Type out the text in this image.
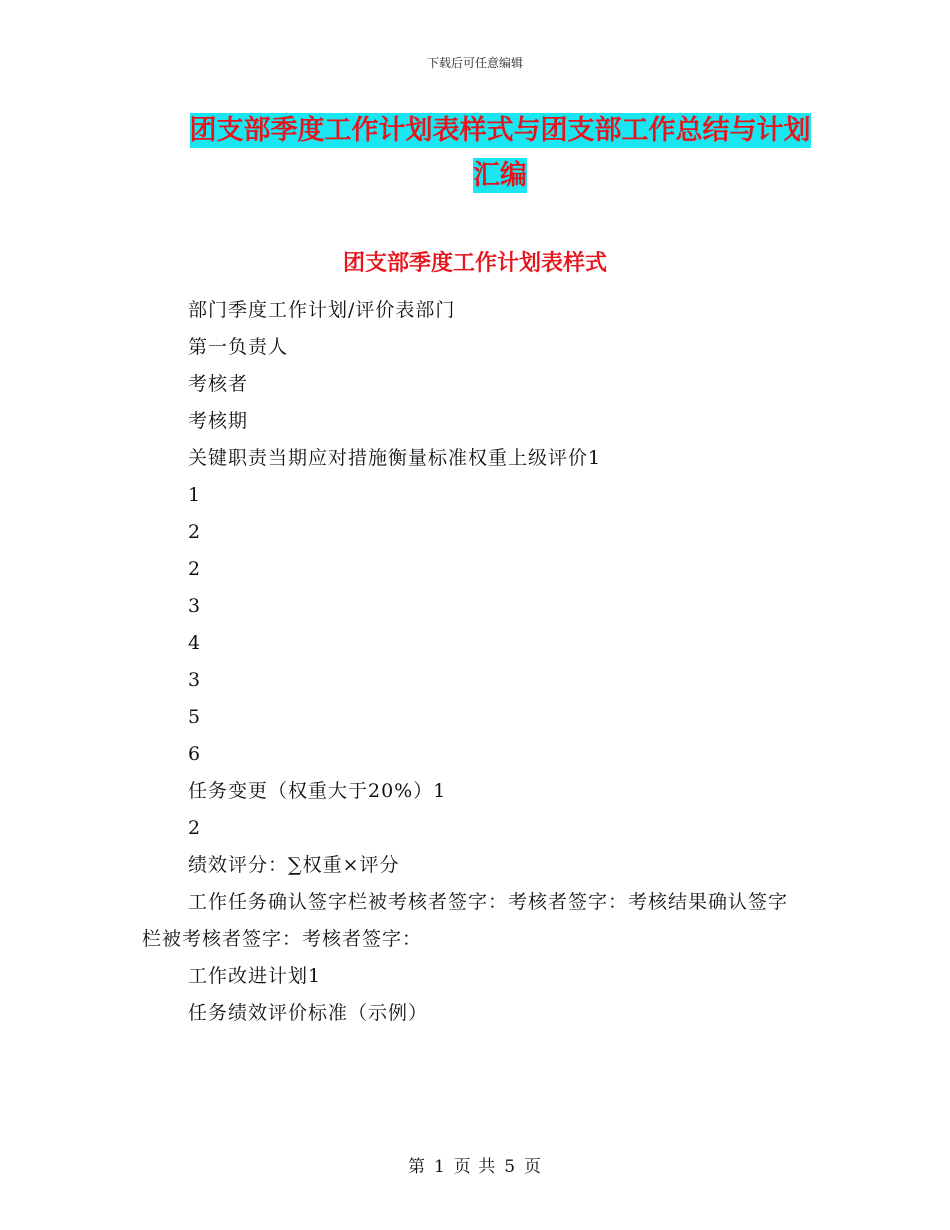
下载后可任意编辑
团支部季度工作计划表样式与团支部工作总结与计划
汇编
团支部季度工作计划表样式

部门季度工作计划/评价表部门

第一负责人

考核者

考核期

关键职责当期应对措施衡量标准权重上级评价1

1

2

2

3

4

3

5

6

任务变更（权重大于20%）1

2

绩效评分：∑权重×评分

工作任务确认签字栏被考核者签字：考核者签字：考核结果确认签字栏被考核者签字：考核者签字：

工作改进计划1

任务绩效评价标准（示例）

第 1 页 共 5 页
